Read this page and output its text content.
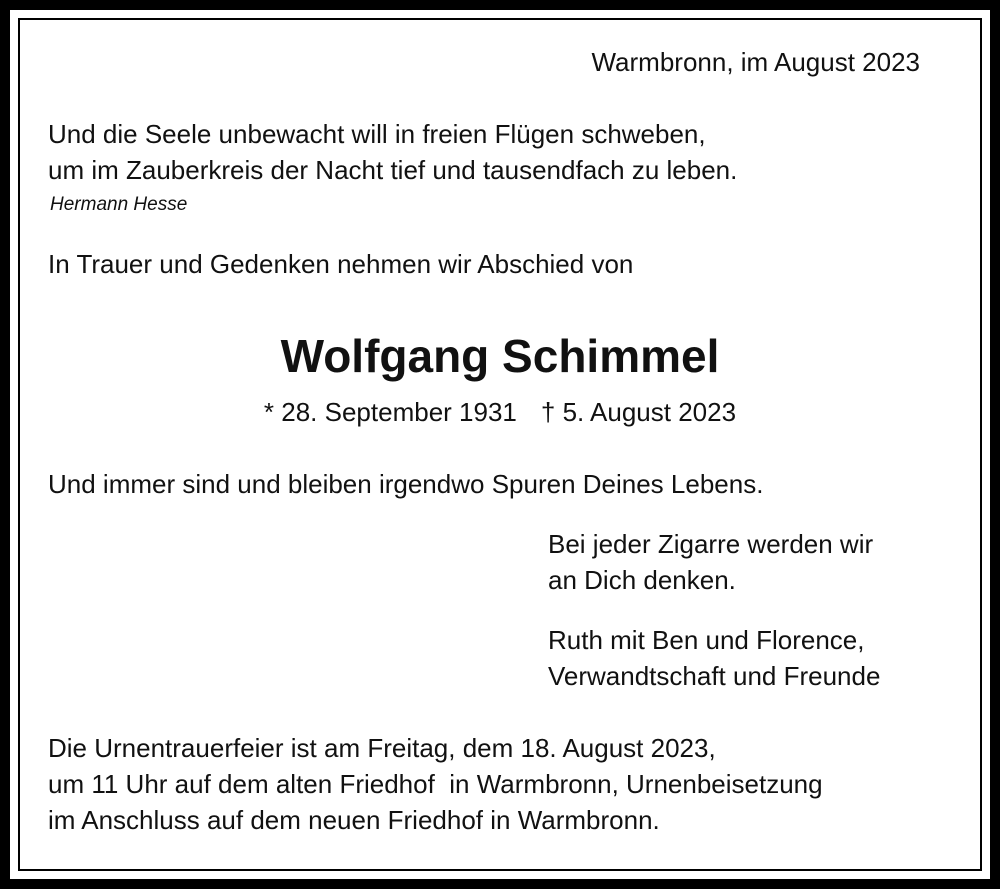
Warmbronn, im August 2023
Und die Seele unbewacht will in freien Flügen schweben,
um im Zauberkreis der Nacht tief und tausendfach zu leben.
Hermann Hesse
In Trauer und Gedenken nehmen wir Abschied von
Wolfgang Schimmel
* 28. September 1931 † 5. August 2023
Und immer sind und bleiben irgendwo Spuren Deines Lebens.
Bei jeder Zigarre werden wir
an Dich denken.
Ruth mit Ben und Florence,
Verwandtschaft und Freunde
Die Urnentrauerfeier ist am Freitag, dem 18. August 2023,
um 11 Uhr auf dem alten Friedhof  in Warmbronn, Urnenbeisetzung
im Anschluss auf dem neuen Friedhof in Warmbronn.
